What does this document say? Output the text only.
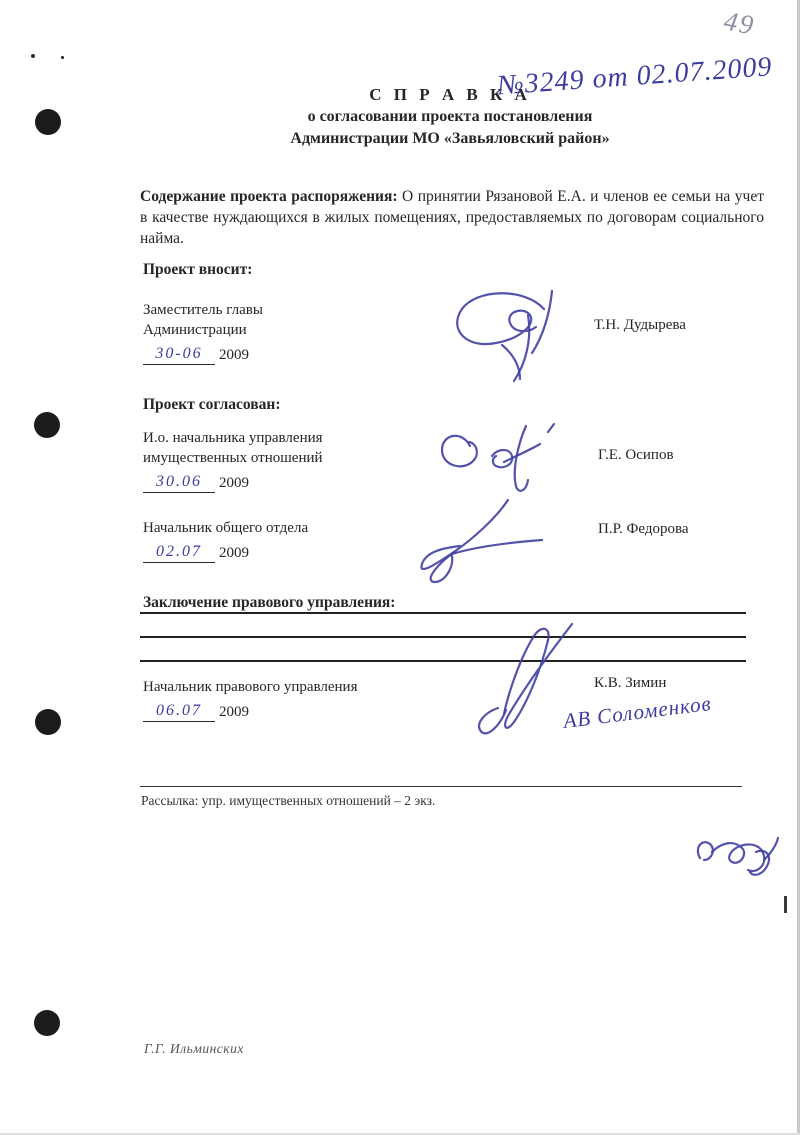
49
С П Р А В К А
о согласовании проекта постановления
Администрации МО «Завьяловский район»
№3249 от 02.07.2009

Содержание проекта распоряжения: О принятии Рязановой Е.А. и членов ее семьи на учет в качестве нуждающихся в жилых помещениях, предоставляемых по договорам социального найма.

Проект вносит:
Заместитель главы
Администрации
30-06 2009
Т.Н. Дудырева
Проект согласован:
И.о. начальника управления
имущественных отношений
30.06 2009
Г.Е. Осипов
Начальник общего отдела
02.07 2009
П.Р. Федорова
Заключение правового управления:
Начальник правового управления
06.07 2009
К.В. Зимин
АВ Соломенков
Рассылка: упр. имущественных отношений – 2 экз.
Г.Г. Ильминских
